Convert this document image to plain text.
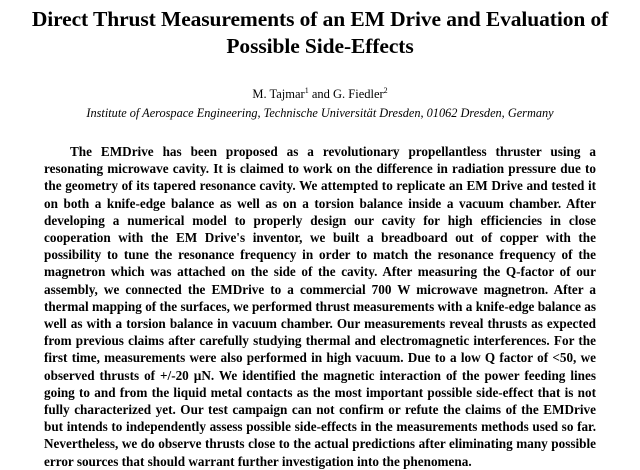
Direct Thrust Measurements of an EM Drive and Evaluation of Possible Side-Effects
M. Tajmar$^1$ and G. Fiedler$^2$
Institute of Aerospace Engineering, Technische Universität Dresden, 01062 Dresden, Germany
The EMDrive has been proposed as a revolutionary propellantless thruster using a resonating microwave cavity. It is claimed to work on the difference in radiation pressure due to the geometry of its tapered resonance cavity. We attempted to replicate an EM Drive and tested it on both a knife-edge balance as well as on a torsion balance inside a vacuum chamber. After developing a numerical model to properly design our cavity for high efficiencies in close cooperation with the EM Drive's inventor, we built a breadboard out of copper with the possibility to tune the resonance frequency in order to match the resonance frequency of the magnetron which was attached on the side of the cavity. After measuring the Q-factor of our assembly, we connected the EMDrive to a commercial 700 W microwave magnetron. After a thermal mapping of the surfaces, we performed thrust measurements with a knife-edge balance as well as with a torsion balance in vacuum chamber. Our measurements reveal thrusts as expected from previous claims after carefully studying thermal and electromagnetic interferences. For the first time, measurements were also performed in high vacuum. Due to a low Q factor of <50, we observed thrusts of +/-20 µN. We identified the magnetic interaction of the power feeding lines going to and from the liquid metal contacts as the most important possible side-effect that is not fully characterized yet. Our test campaign can not confirm or refute the claims of the EMDrive but intends to independently assess possible side-effects in the measurements methods used so far. Nevertheless, we do observe thrusts close to the actual predictions after eliminating many possible error sources that should warrant further investigation into the phenomena.
